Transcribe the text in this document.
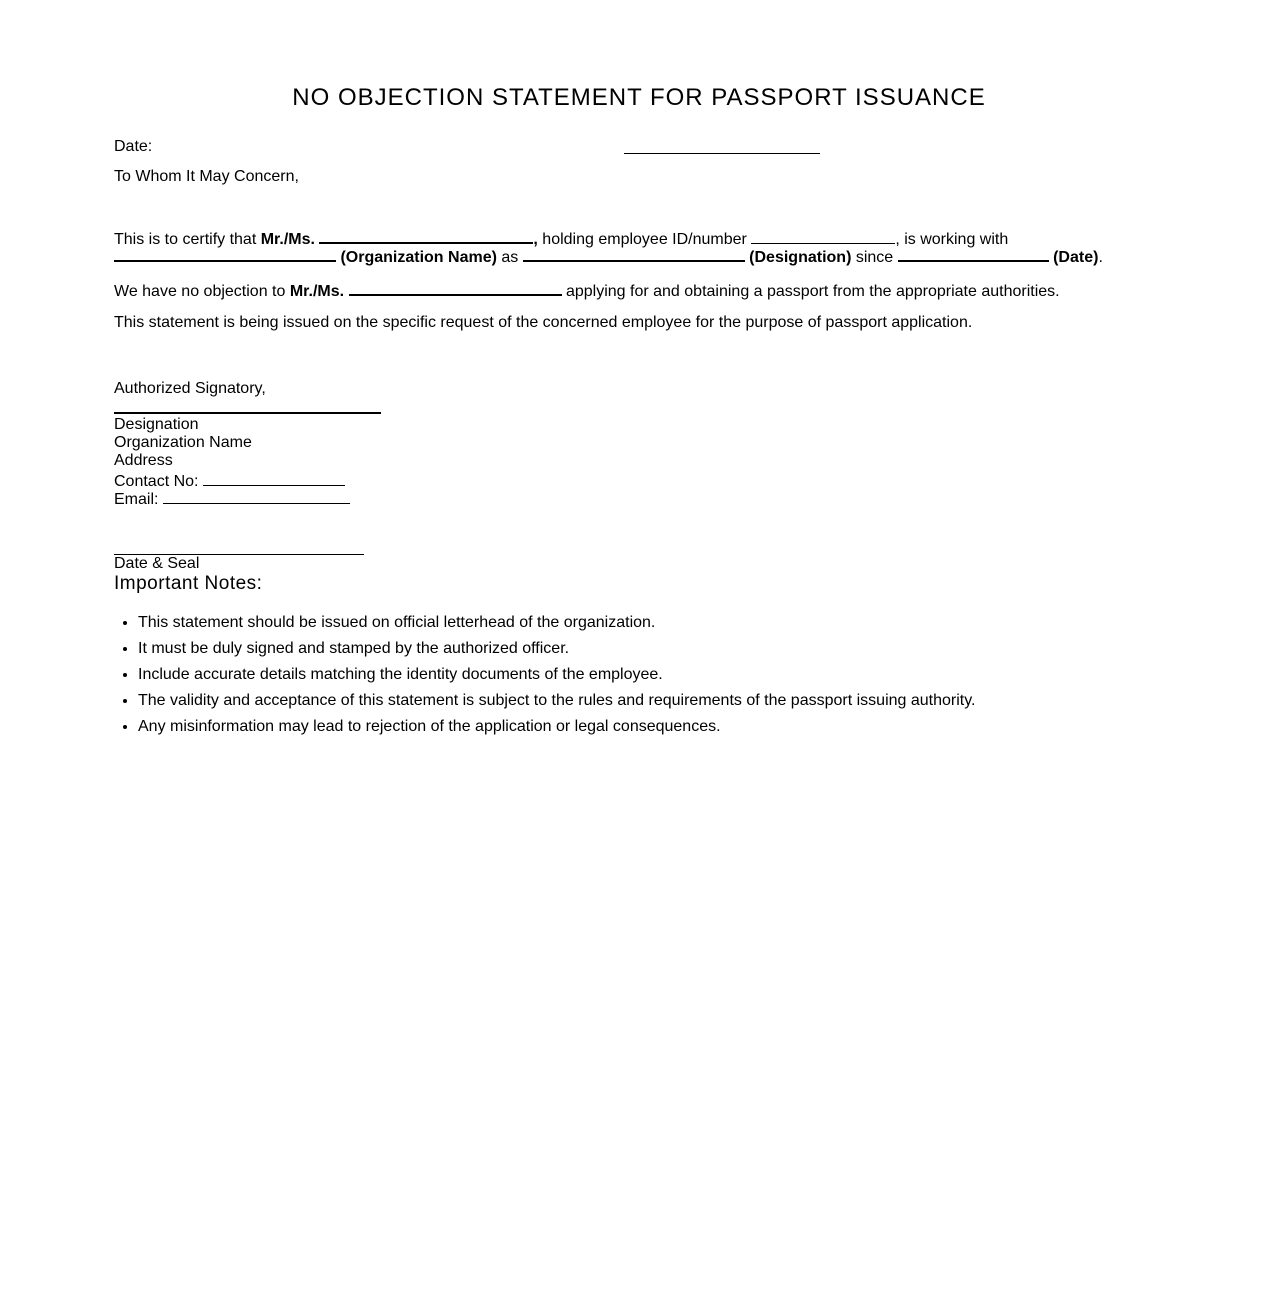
NO OBJECTION STATEMENT FOR PASSPORT ISSUANCE
Date:
To Whom It May Concern,
This is to certify that Mr./Ms.	, holding employee ID/number	, is working with
(Organization Name) as	(Designation) since	(Date).
We have no objection to Mr./Ms.	applying for and obtaining a passport from the appropriate authorities.
This statement is being issued on the specific request of the concerned employee for the purpose of passport application.
Authorized Signatory,
Designation
Organization Name
Address
Contact No:
Email:
Date & Seal
Important Notes:
• This statement should be issued on official letterhead of the organization.
• It must be duly signed and stamped by the authorized officer.
• Include accurate details matching the identity documents of the employee.
• The validity and acceptance of this statement is subject to the rules and requirements of the passport issuing authority.
• Any misinformation may lead to rejection of the application or legal consequences.
